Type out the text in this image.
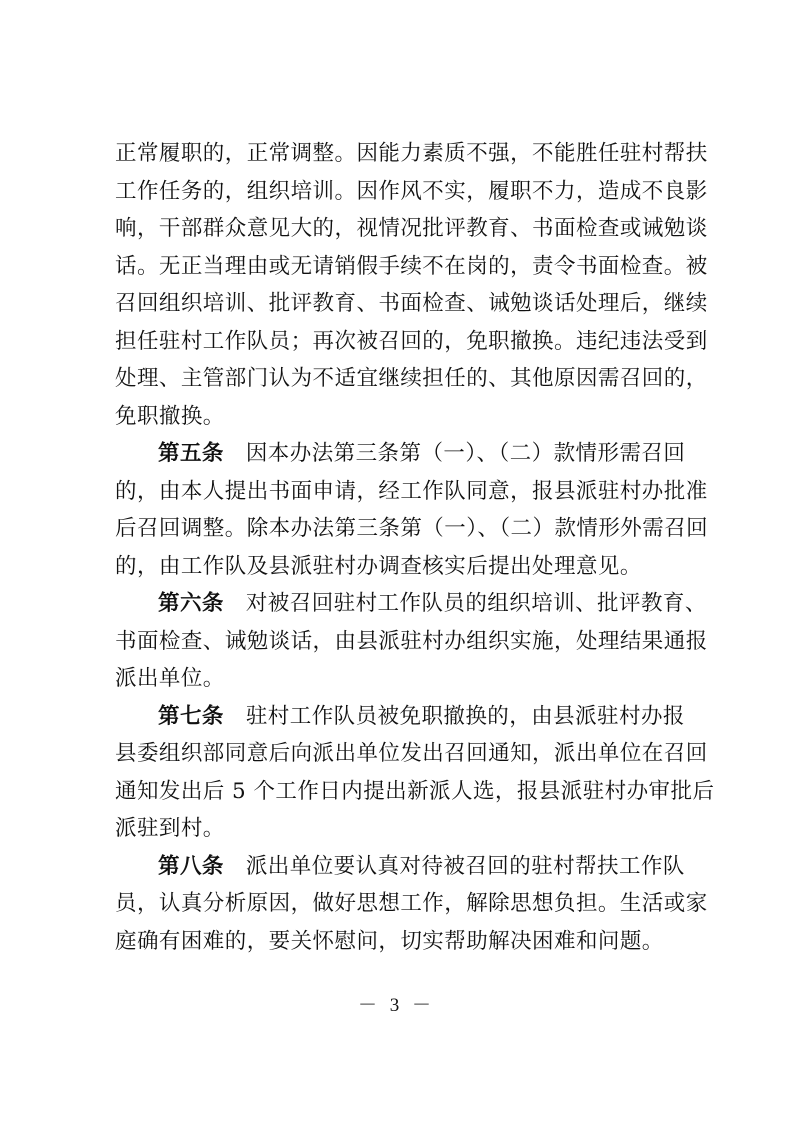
正常履职的，正常调整。因能力素质不强，不能胜任驻村帮扶
工作任务的，组织培训。因作风不实，履职不力，造成不良影
响，干部群众意见大的，视情况批评教育、书面检查或诫勉谈
话。无正当理由或无请销假手续不在岗的，责令书面检查。被
召回组织培训、批评教育、书面检查、诫勉谈话处理后，继续
担任驻村工作队员；再次被召回的，免职撤换。违纪违法受到
处理、主管部门认为不适宜继续担任的、其他原因需召回的，
免职撤换。
第五条 因本办法第三条第（一）、（二）款情形需召回
的，由本人提出书面申请，经工作队同意，报县派驻村办批准
后召回调整。除本办法第三条第（一）、（二）款情形外需召回
的，由工作队及县派驻村办调查核实后提出处理意见。
第六条 对被召回驻村工作队员的组织培训、批评教育、
书面检查、诫勉谈话，由县派驻村办组织实施，处理结果通报
派出单位。
第七条 驻村工作队员被免职撤换的，由县派驻村办报
县委组织部同意后向派出单位发出召回通知，派出单位在召回
通知发出后 5 个工作日内提出新派人选，报县派驻村办审批后
派驻到村。
第八条 派出单位要认真对待被召回的驻村帮扶工作队
员，认真分析原因，做好思想工作，解除思想负担。生活或家
庭确有困难的，要关怀慰问，切实帮助解决困难和问题。
－ 3 －
